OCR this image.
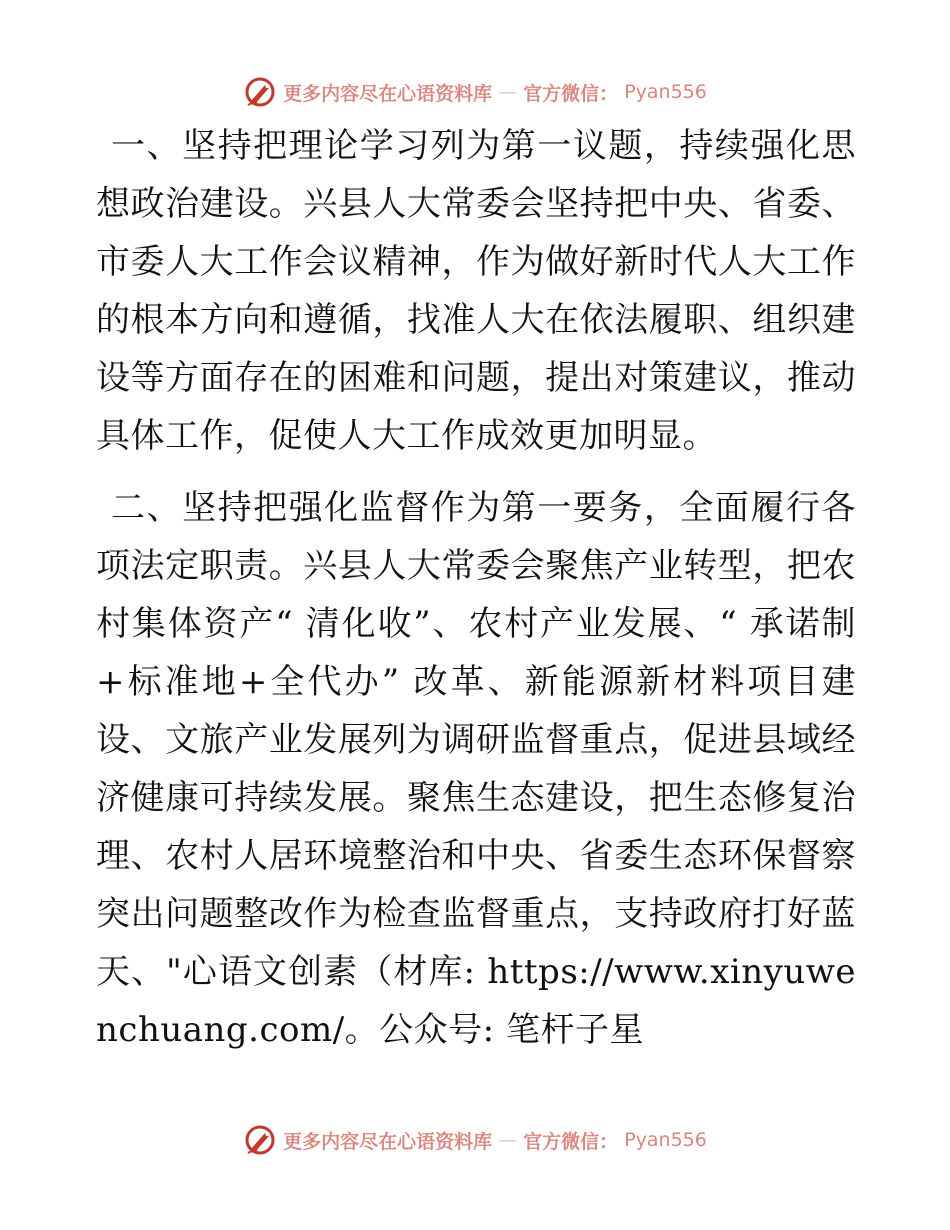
更多内容尽在心语资料库 — 官方微信： Pyan556

一、坚持把理论学习列为第一议题，持续强化思想政治建设。兴县人大常委会坚持把中央、省委、市委人大工作会议精神，作为做好新时代人大工作的根本方向和遵循，找准人大在依法履职、组织建设等方面存在的困难和问题，提出对策建议，推动具体工作，促使人大工作成效更加明显。

二、坚持把强化监督作为第一要务，全面履行各项法定职责。兴县人大常委会聚焦产业转型，把农村集体资产“ 清化收”、农村产业发展、“ 承诺制+标准地+全代办” 改革、新能源新材料项目建设、文旅产业发展列为调研监督重点，促进县域经济健康可持续发展。聚焦生态建设，把生态修复治理、农村人居环境整治和中央、省委生态环保督察突出问题整改作为检查监督重点，支持政府打好蓝天、"心语文创素（材库: https://www.xinyuwenchuang.com/。公众号: 笔杆子星

更多内容尽在心语资料库 — 官方微信： Pyan556
